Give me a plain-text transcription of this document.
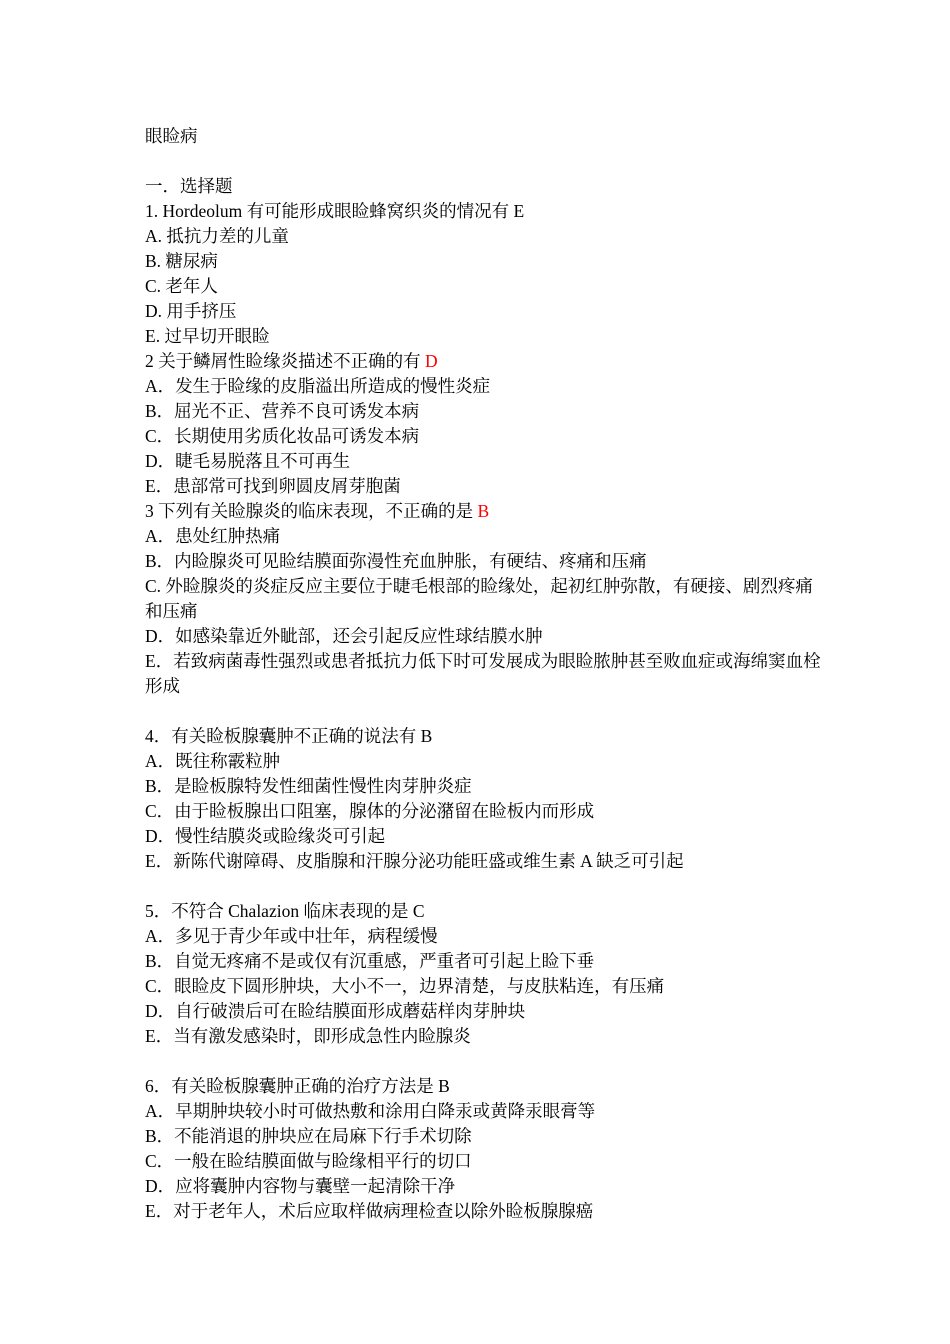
眼睑病
一．选择题
1. Hordeolum 有可能形成眼睑蜂窝织炎的情况有 E
A. 抵抗力差的儿童
B. 糖尿病
C. 老年人
D. 用手挤压
E. 过早切开眼睑
2 关于鳞屑性睑缘炎描述不正确的有 D
A．发生于睑缘的皮脂溢出所造成的慢性炎症
B．屈光不正、营养不良可诱发本病
C．长期使用劣质化妆品可诱发本病
D．睫毛易脱落且不可再生
E．患部常可找到卵圆皮屑芽胞菌
3 下列有关睑腺炎的临床表现，不正确的是 B
A．患处红肿热痛
B．内睑腺炎可见睑结膜面弥漫性充血肿胀，有硬结、疼痛和压痛
C. 外睑腺炎的炎症反应主要位于睫毛根部的睑缘处，起初红肿弥散，有硬接、剧烈疼痛和压痛
D．如感染靠近外眦部，还会引起反应性球结膜水肿
E．若致病菌毒性强烈或患者抵抗力低下时可发展成为眼睑脓肿甚至败血症或海绵窦血栓形成
4．有关睑板腺囊肿不正确的说法有 B
A．既往称霰粒肿
B．是睑板腺特发性细菌性慢性肉芽肿炎症
C．由于睑板腺出口阻塞，腺体的分泌潴留在睑板内而形成
D．慢性结膜炎或睑缘炎可引起
E．新陈代谢障碍、皮脂腺和汗腺分泌功能旺盛或维生素 A 缺乏可引起
5．不符合 Chalazion 临床表现的是 C
A．多见于青少年或中壮年，病程缓慢
B．自觉无疼痛不是或仅有沉重感，严重者可引起上睑下垂
C．眼睑皮下圆形肿块，大小不一，边界清楚，与皮肤粘连，有压痛
D．自行破溃后可在睑结膜面形成蘑菇样肉芽肿块
E．当有激发感染时，即形成急性内睑腺炎
6．有关睑板腺囊肿正确的治疗方法是 B
A．早期肿块较小时可做热敷和涂用白降汞或黄降汞眼膏等
B．不能消退的肿块应在局麻下行手术切除
C．一般在睑结膜面做与睑缘相平行的切口
D．应将囊肿内容物与囊壁一起清除干净
E．对于老年人，术后应取样做病理检查以除外睑板腺腺癌
